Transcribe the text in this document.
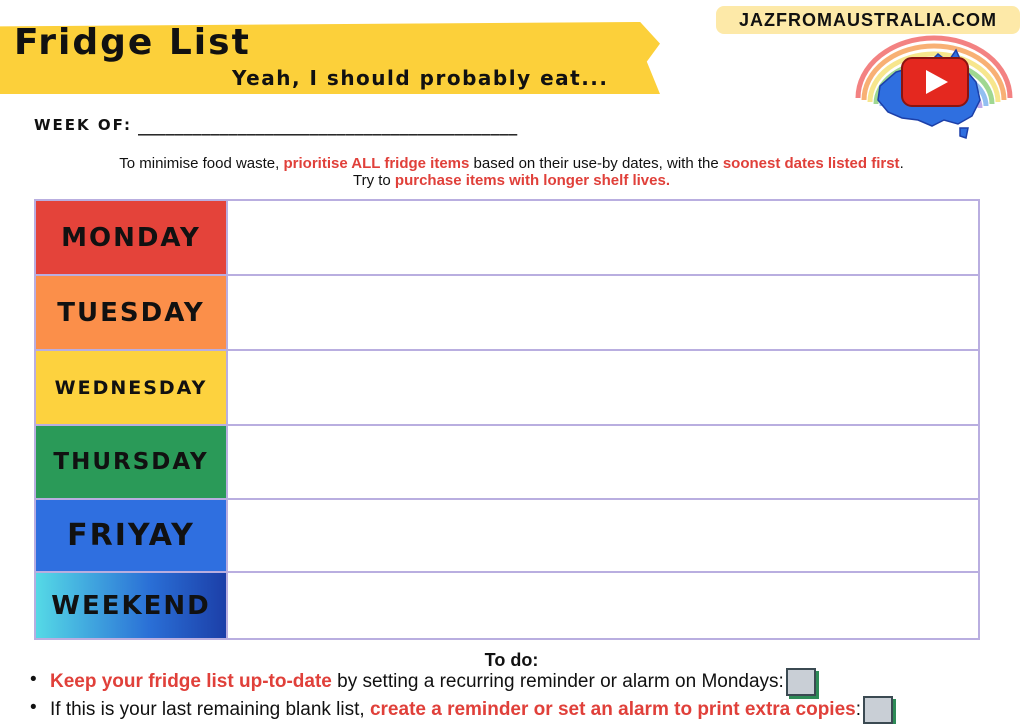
Fridge List
Yeah, I should probably eat...
JAZFROMAUSTRALIA.COM
WEEK OF: __________________________________________
To minimise food waste, prioritise ALL fridge items based on their use-by dates, with the soonest dates listed first.
Try to purchase items with longer shelf lives.
MONDAY
TUESDAY
WEDNESDAY
THURSDAY
FRIYAY
WEEKEND
To do:
• Keep your fridge list up-to-date by setting a recurring reminder or alarm on Mondays:
• If this is your last remaining blank list, create a reminder or set an alarm to print extra copies:
